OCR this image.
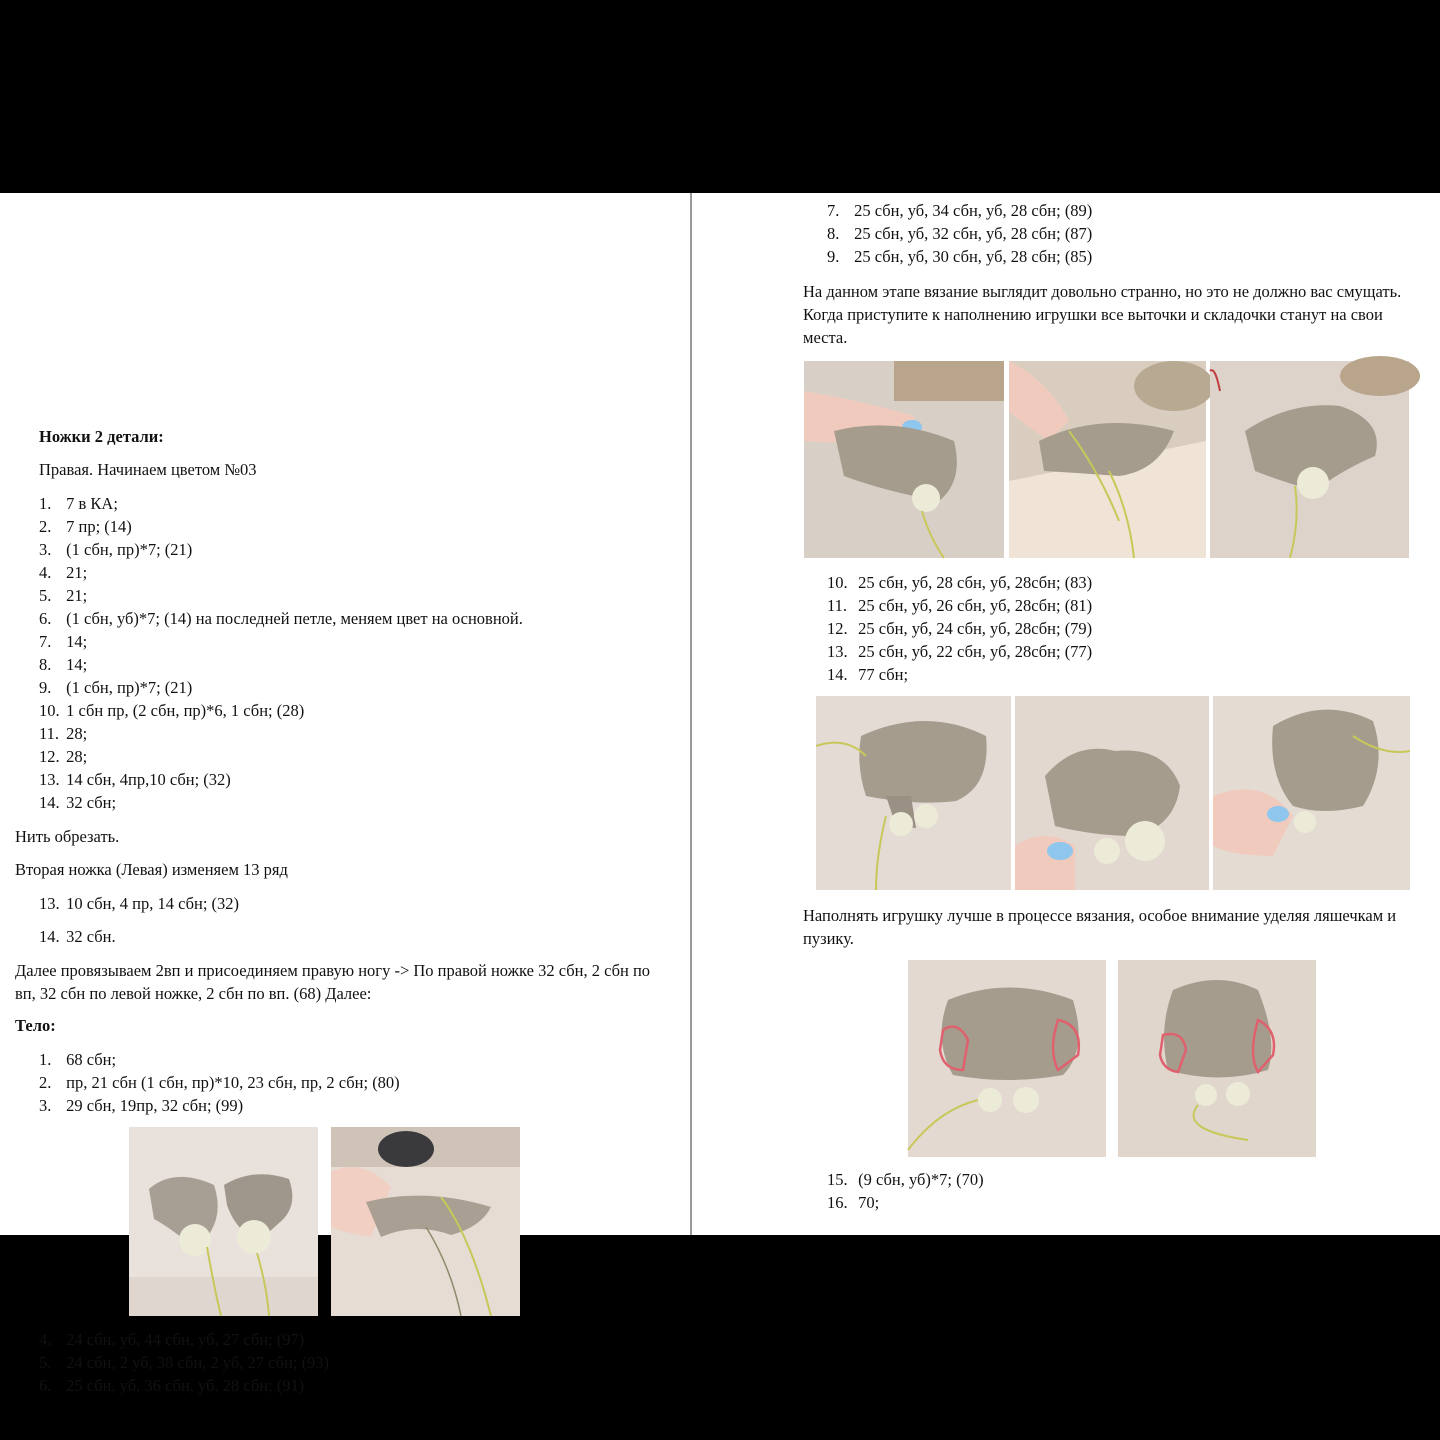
Ножки 2 детали:
Правая. Начинаем цветом №03
1. 7 в КА;
2. 7 пр; (14)
3. (1 сбн, пр)*7; (21)
4. 21;
5. 21;
6. (1 сбн, уб)*7; (14) на последней петле, меняем цвет на основной.
7. 14;
8. 14;
9. (1 сбн, пр)*7; (21)
10. 1 сбн пр, (2 сбн, пр)*6, 1 сбн; (28)
11. 28;
12. 28;
13. 14 сбн, 4пр,10 сбн; (32)
14. 32 сбн;
Нить обрезать.
Вторая ножка (Левая) изменяем 13 ряд
13. 10 сбн, 4 пр, 14 сбн; (32)
14. 32 сбн.
Далее провязываем 2вп и присоединяем правую ногу -> По правой ножке 32 сбн, 2 сбн по вп, 32 сбн по левой ножке, 2 сбн по вп. (68) Далее:
Тело:
1. 68 сбн;
2. пр, 21 сбн (1 сбн, пр)*10, 23 сбн, пр, 2 сбн; (80)
3. 29 сбн, 19пр, 32 сбн; (99)
4. 24 сбн, уб, 44 сбн, уб, 27 сбн; (97)
5. 24 сбн, 2 уб, 38 сбн, 2 уб, 27 сбн; (93)
6. 25 сбн, уб, 36 сбн, уб, 28 сбн; (91)
7. 25 сбн, уб, 34 сбн, уб, 28 сбн; (89)
8. 25 сбн, уб, 32 сбн, уб, 28 сбн; (87)
9. 25 сбн, уб, 30 сбн, уб, 28 сбн; (85)
На данном этапе вязание выглядит довольно странно, но это не должно вас смущать. Когда приступите к наполнению игрушки все выточки и складочки станут на свои места.
10. 25 сбн, уб, 28 сбн, уб, 28сбн; (83)
11. 25 сбн, уб, 26 сбн, уб, 28сбн; (81)
12. 25 сбн, уб, 24 сбн, уб, 28сбн; (79)
13. 25 сбн, уб, 22 сбн, уб, 28сбн; (77)
14. 77 сбн;
Наполнять игрушку лучше в процессе вязания, особое внимание уделяя ляшечкам и пузику.
15. (9 сбн, уб)*7; (70)
16. 70;
